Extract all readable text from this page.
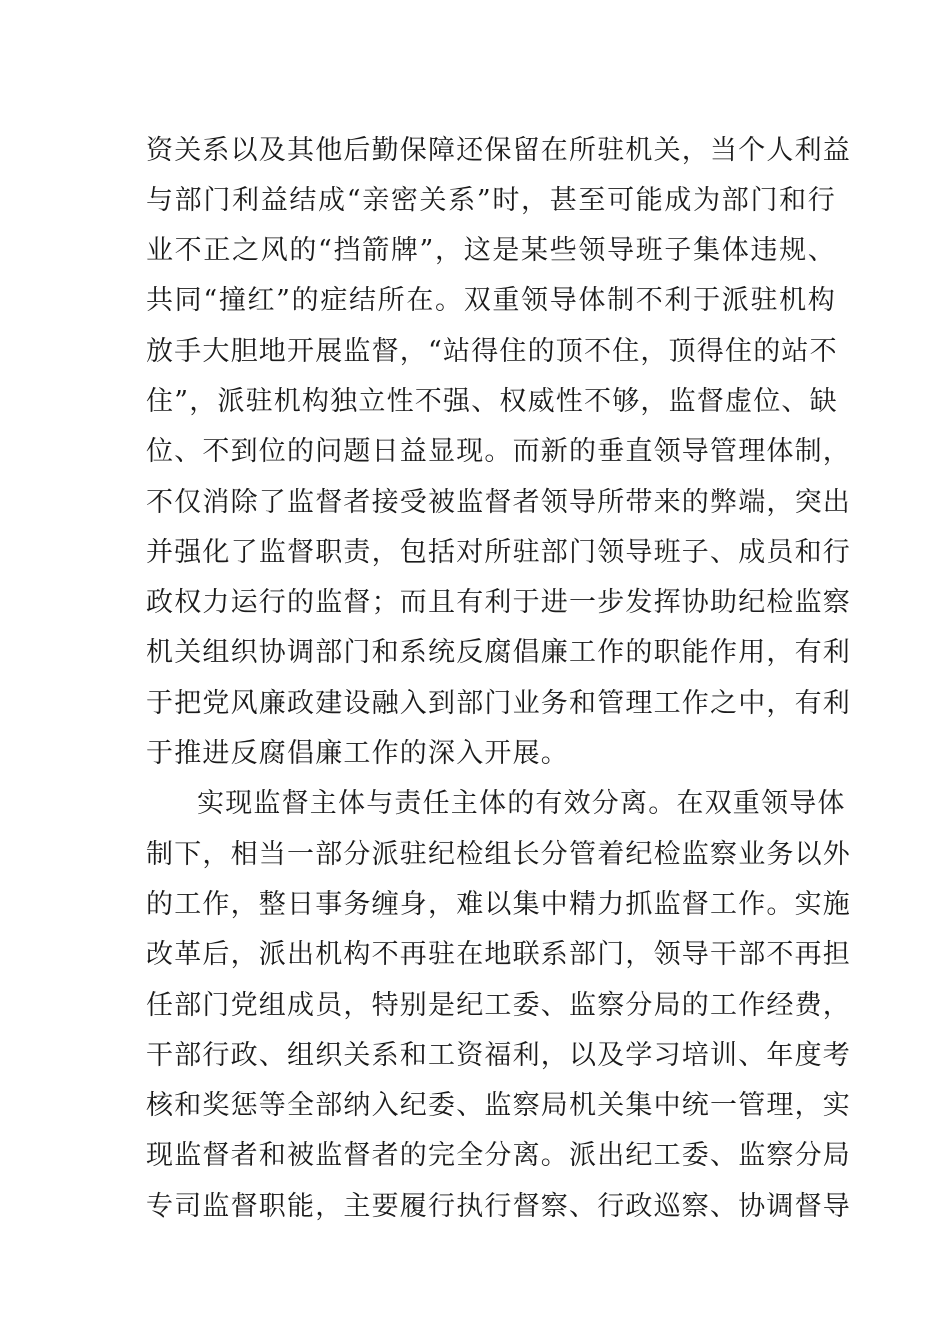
资关系以及其他后勤保障还保留在所驻机关，当个人利益
与部门利益结成“亲密关系”时，甚至可能成为部门和行
业不正之风的“挡箭牌”，这是某些领导班子集体违规、
共同“撞红”的症结所在。双重领导体制不利于派驻机构
放手大胆地开展监督，“站得住的顶不住，顶得住的站不
住”，派驻机构独立性不强、权威性不够，监督虚位、缺
位、不到位的问题日益显现。而新的垂直领导管理体制，
不仅消除了监督者接受被监督者领导所带来的弊端，突出
并强化了监督职责，包括对所驻部门领导班子、成员和行
政权力运行的监督；而且有利于进一步发挥协助纪检监察
机关组织协调部门和系统反腐倡廉工作的职能作用，有利
于把党风廉政建设融入到部门业务和管理工作之中，有利
于推进反腐倡廉工作的深入开展。
实现监督主体与责任主体的有效分离。在双重领导体
制下，相当一部分派驻纪检组长分管着纪检监察业务以外
的工作，整日事务缠身，难以集中精力抓监督工作。实施
改革后，派出机构不再驻在地联系部门，领导干部不再担
任部门党组成员，特别是纪工委、监察分局的工作经费，
干部行政、组织关系和工资福利，以及学习培训、年度考
核和奖惩等全部纳入纪委、监察局机关集中统一管理，实
现监督者和被监督者的完全分离。派出纪工委、监察分局
专司监督职能，主要履行执行督察、行政巡察、协调督导
